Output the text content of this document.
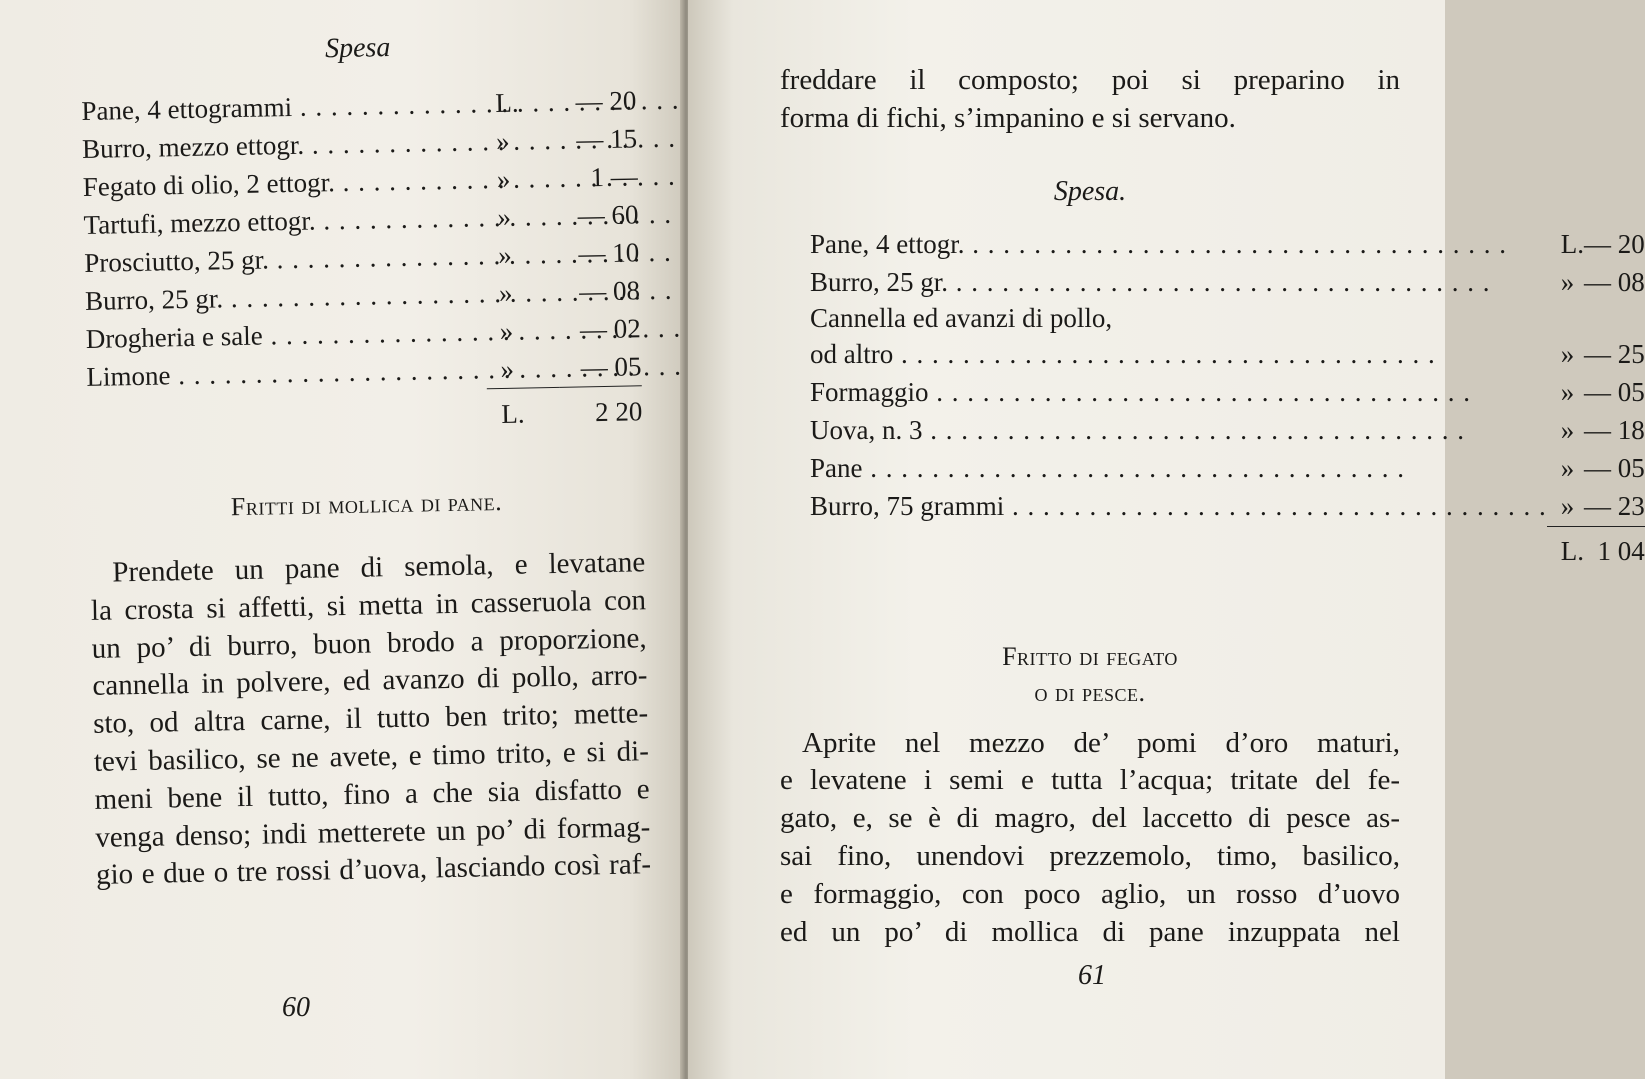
Spesa
Pane, 4 ettogrammi . . .	L.	— 20
Burro, mezzo ettogr. . . .	»	— 15
Fegato di olio, 2 ettogr. . . .	»	1 —
Tartufi, mezzo ettogr. . . .	»	— 60
Prosciutto, 25 gr. . . .	»	— 10
Burro, 25 gr. . . .	»	— 08
Drogheria e sale . . .	»	— 02
Limone . . .	»	— 05
	L.	2 20
Fritti di mollica di pane.
Prendete un pane di semola, e levatane
la crosta si affetti, si metta in casseruola con
un po’ di burro, buon brodo a proporzione,
cannella in polvere, ed avanzo di pollo, arro-
sto, od altra carne, il tutto ben trito; mette-
tevi basilico, se ne avete, e timo trito, e si di-
meni bene il tutto, fino a che sia disfatto e
venga denso; indi metterete un po’ di formag-
gio e due o tre rossi d’uova, lasciando così raf-
60
freddare il composto; poi si preparino in
forma di fichi, s’impanino e si servano.
Spesa.
Pane, 4 ettogr. . . .	L.	— 20
Burro, 25 gr. . . .	»	— 08
Cannella ed avanzi di pollo,		
od altro . . .	»	— 25
Formaggio . . .	»	— 05
Uova, n. 3 . . .	»	— 18
Pane . . .	»	— 05
Burro, 75 grammi . . .	»	— 23
	L.	1 04
Fritto di fegato
o di pesce.
Aprite nel mezzo de’ pomi d’oro maturi,
e levatene i semi e tutta l’acqua; tritate del fe-
gato, e, se è di magro, del laccetto di pesce as-
sai fino, unendovi prezzemolo, timo, basilico,
e formaggio, con poco aglio, un rosso d’uovo
ed un po’ di mollica di pane inzuppata nel
61
